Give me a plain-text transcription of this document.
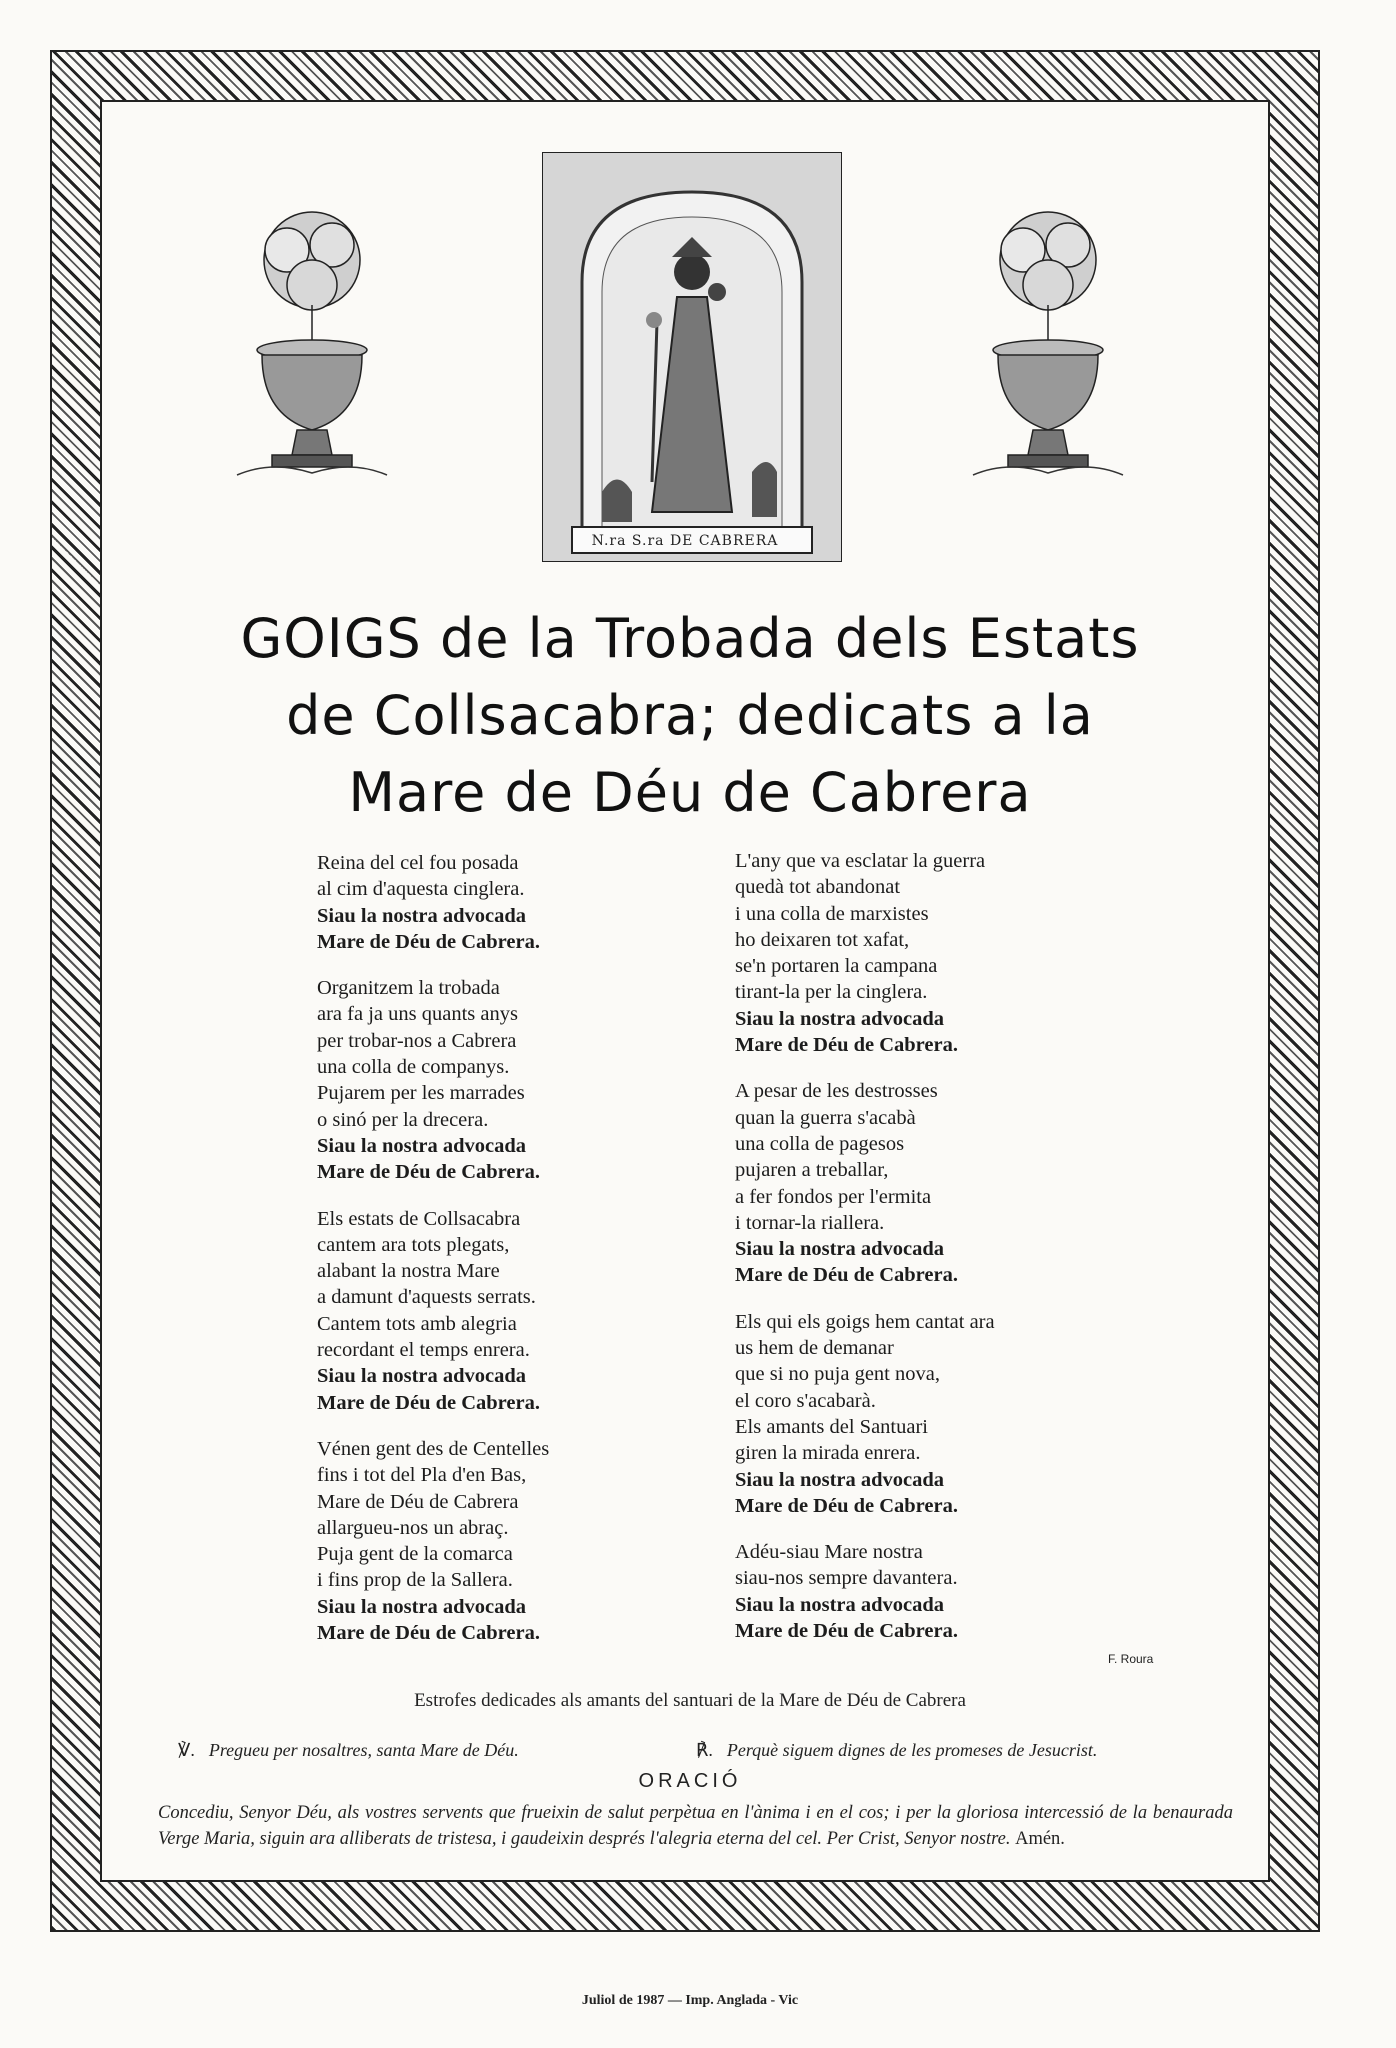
N.ra S.ra DE CABRERA
GOIGS de la Trobada dels Estats
de Collsacabra; dedicats a la
Mare de Déu de Cabrera
Reina del cel fou posada
al cim d'aquesta cinglera.
Siau la nostra advocada
Mare de Déu de Cabrera.
Organitzem la trobada
ara fa ja uns quants anys
per trobar-nos a Cabrera
una colla de companys.
Pujarem per les marrades
o sinó per la drecera.
Siau la nostra advocada
Mare de Déu de Cabrera.
Els estats de Collsacabra
cantem ara tots plegats,
alabant la nostra Mare
a damunt d'aquests serrats.
Cantem tots amb alegria
recordant el temps enrera.
Siau la nostra advocada
Mare de Déu de Cabrera.
Vénen gent des de Centelles
fins i tot del Pla d'en Bas,
Mare de Déu de Cabrera
allargueu-nos un abraç.
Puja gent de la comarca
i fins prop de la Sallera.
Siau la nostra advocada
Mare de Déu de Cabrera.
L'any que va esclatar la guerra
quedà tot abandonat
i una colla de marxistes
ho deixaren tot xafat,
se'n portaren la campana
tirant-la per la cinglera.
Siau la nostra advocada
Mare de Déu de Cabrera.
A pesar de les destrosses
quan la guerra s'acabà
una colla de pagesos
pujaren a treballar,
a fer fondos per l'ermita
i tornar-la riallera.
Siau la nostra advocada
Mare de Déu de Cabrera.
Els qui els goigs hem cantat ara
us hem de demanar
que si no puja gent nova,
el coro s'acabarà.
Els amants del Santuari
giren la mirada enrera.
Siau la nostra advocada
Mare de Déu de Cabrera.
Adéu-siau Mare nostra
siau-nos sempre davantera.
Siau la nostra advocada
Mare de Déu de Cabrera.
F. Roura
Estrofes dedicades als amants del santuari de la Mare de Déu de Cabrera
℣. Pregueu per nosaltres, santa Mare de Déu.	℟. Perquè siguem dignes de les promeses de Jesucrist.
ORACIÓ
Concediu, Senyor Déu, als vostres servents que frueixin de salut perpètua en l'ànima i en el cos; i per la gloriosa intercessió de la benaurada Verge Maria, siguin ara alliberats de tristesa, i gaudeixin després l'alegria eterna del cel. Per Crist, Senyor nostre. Amén.
Juliol de 1987 — Imp. Anglada - Vic
